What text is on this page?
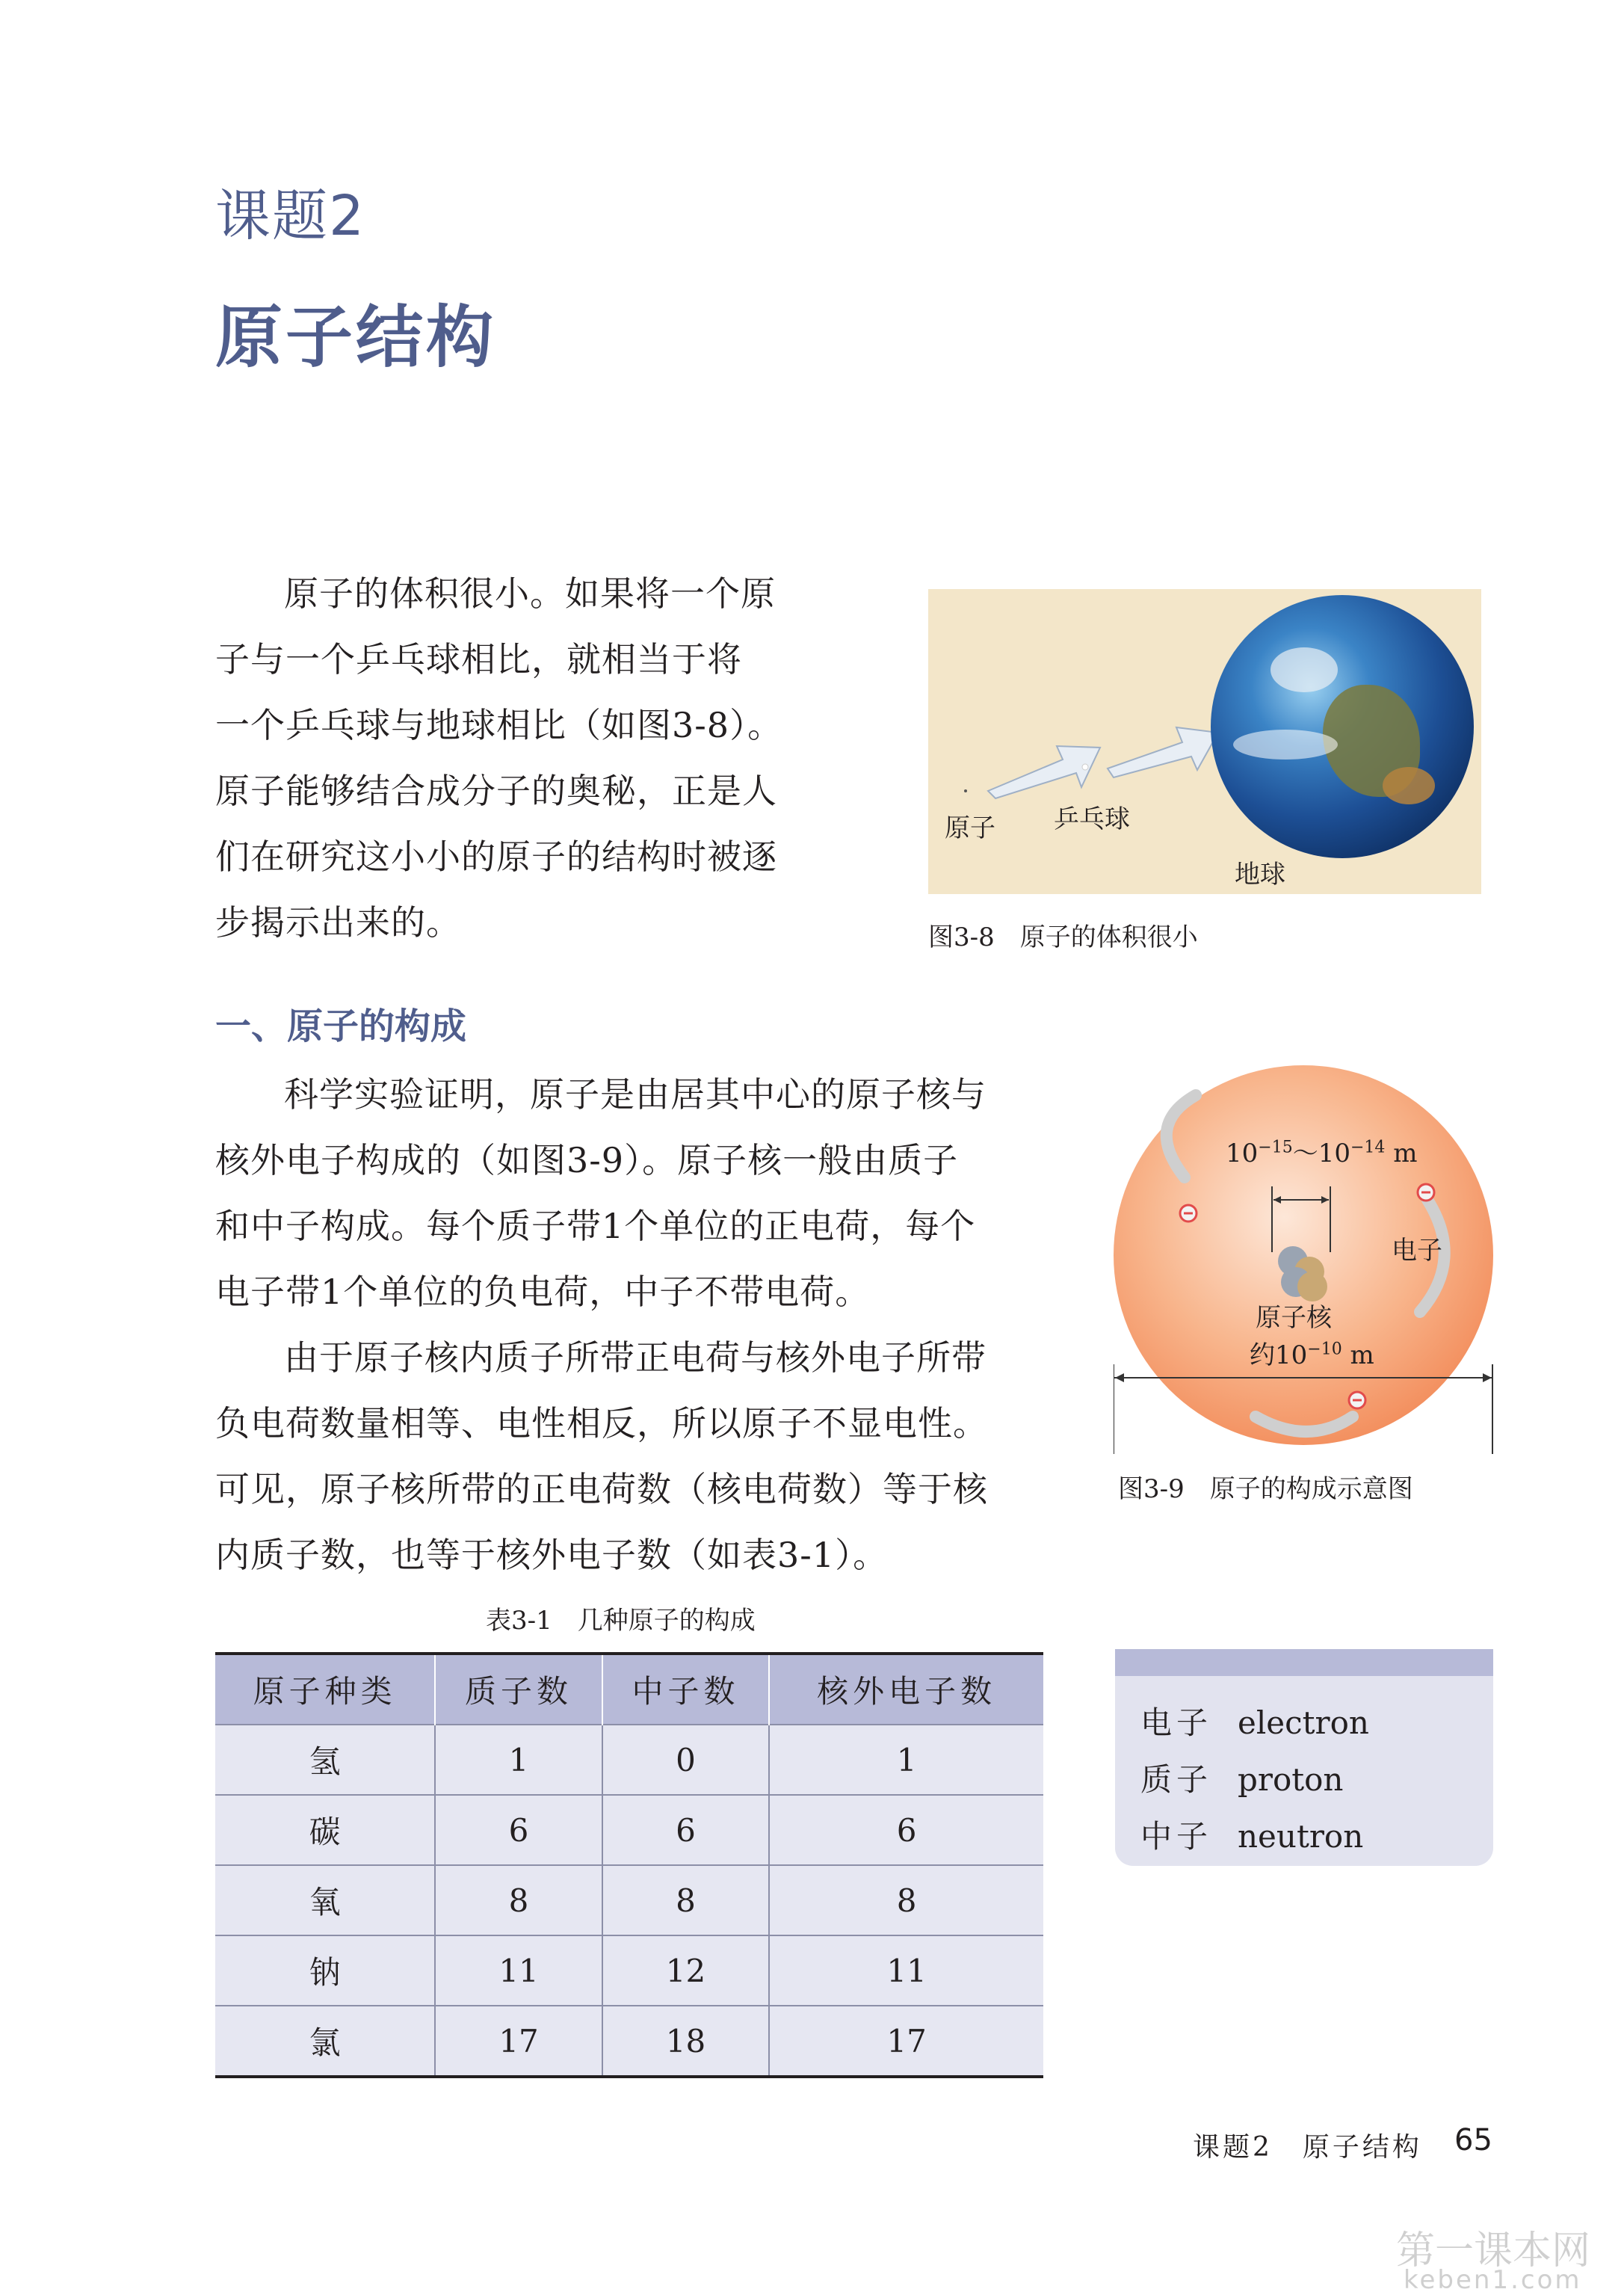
课题2
原子结构
原子的体积很小。如果将一个原
子与一个乒乓球相比，就相当于将
一个乒乓球与地球相比（如图3-8）。
原子能够结合成分子的奥秘，正是人
们在研究这小小的原子的结构时被逐
步揭示出来的。
原子 乒乓球
地球
图3-8　原子的体积很小
一、原子的构成
科学实验证明，原子是由居其中心的原子核与
核外电子构成的（如图3-9）。原子核一般由质子
和中子构成。每个质子带1个单位的正电荷，每个
电子带1个单位的负电荷，中子不带电荷。
由于原子核内质子所带正电荷与核外电子所带
负电荷数量相等、电性相反，所以原子不显电性。
可见，原子核所带的正电荷数（核电荷数）等于核
内质子数，也等于核外电子数（如表3-1）。
$10^{-15}\sim 10^{-14}$ m
原子核
电子
约$10^{-10}$ m
图3-9　原子的构成示意图
表3-1　几种原子的构成
原子种类	质子数	中子数	核外电子数
氢	1	0	1
碳	6	6	6
氧	8	8	8
钠	11	12	11
氯	17	18	17
电子 electron
质子 proton
中子 neutron
课题2　原子结构 65
第一课本网
keben1.com
